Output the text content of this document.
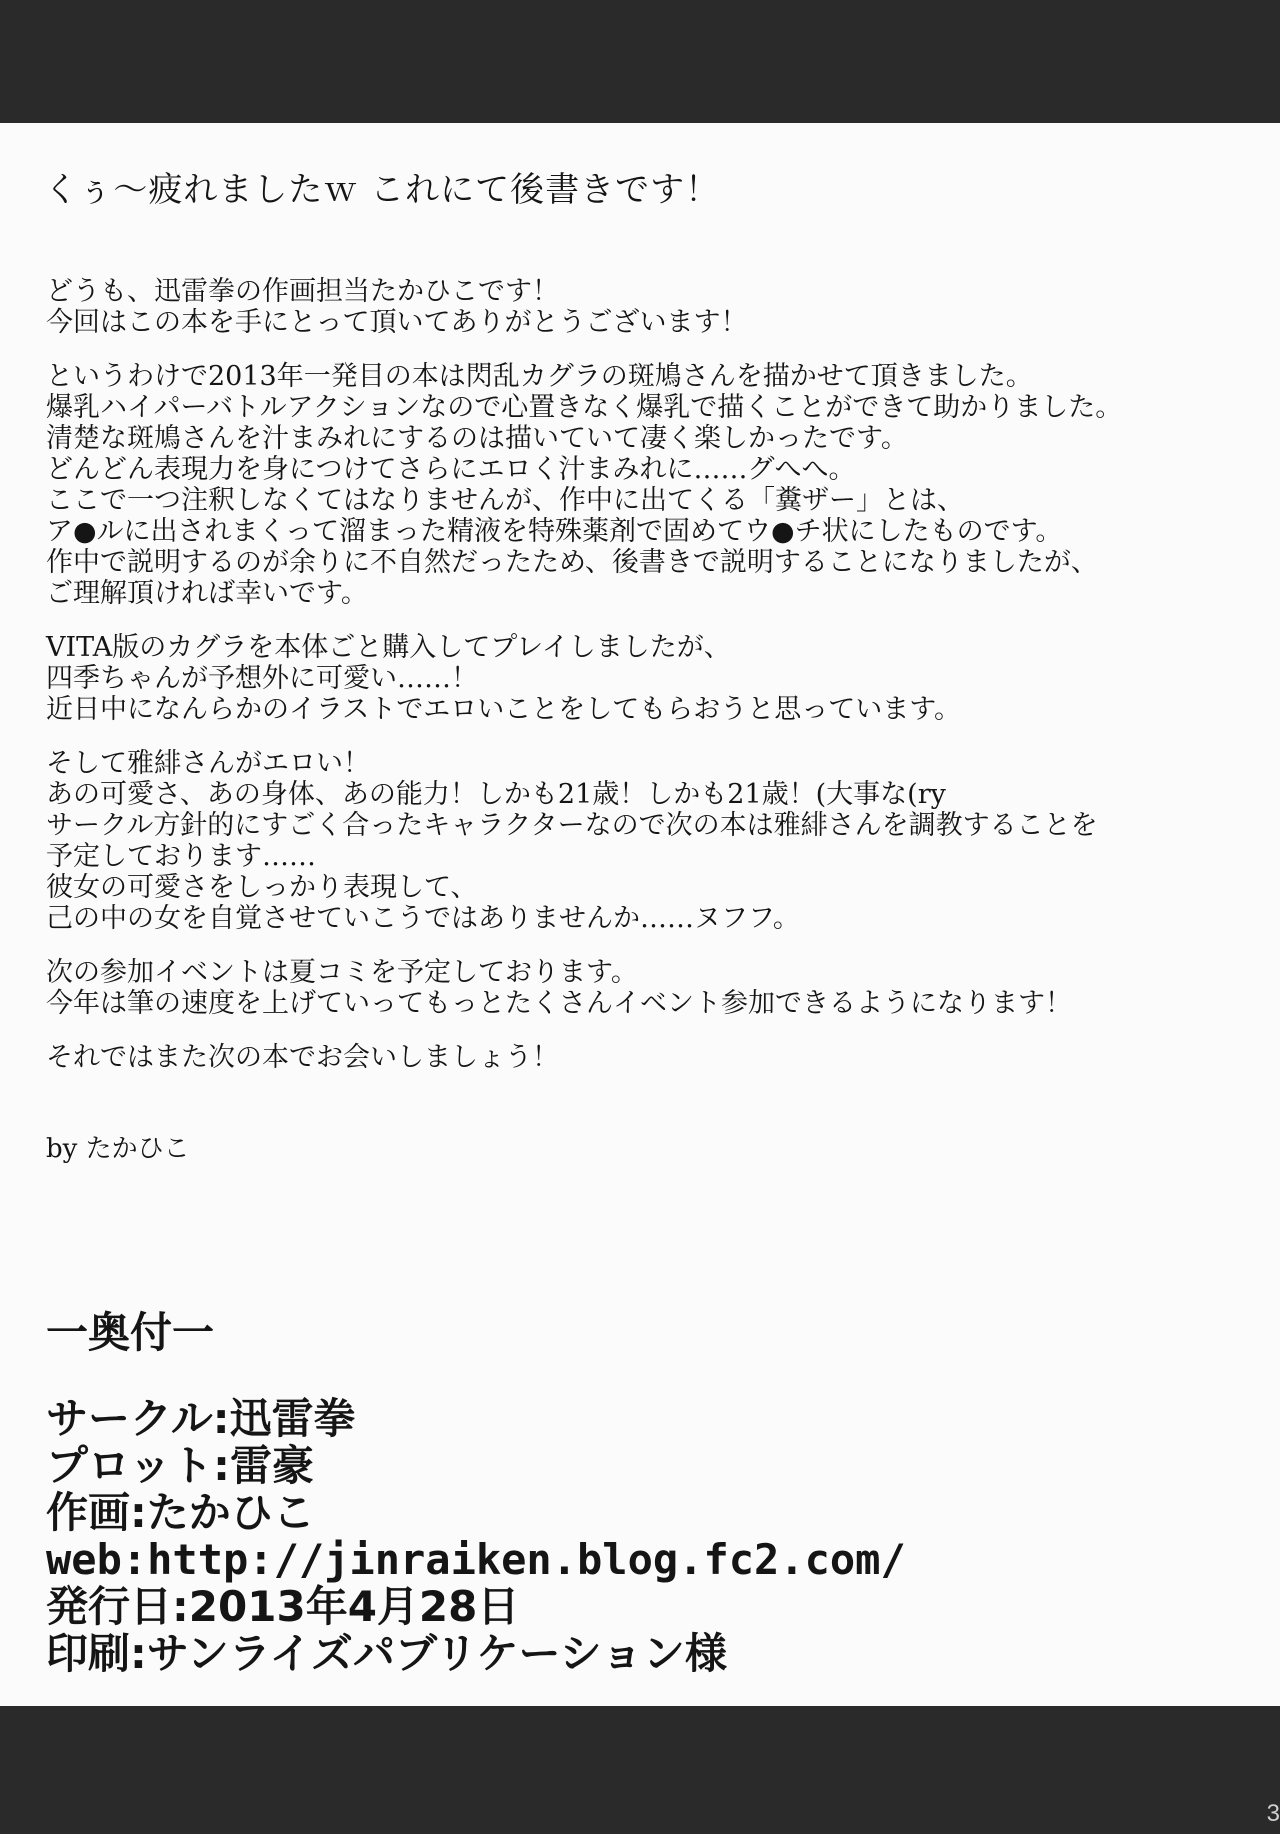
くぅ～疲れましたｗ これにて後書きです！
どうも、迅雷拳の作画担当たかひこです！
今回はこの本を手にとって頂いてありがとうございます！
というわけで2013年一発目の本は閃乱カグラの斑鳩さんを描かせて頂きました。
爆乳ハイパーバトルアクションなので心置きなく爆乳で描くことができて助かりました。
清楚な斑鳩さんを汁まみれにするのは描いていて凄く楽しかったです。
どんどん表現力を身につけてさらにエロく汁まみれに……グへへ。
ここで一つ注釈しなくてはなりませんが、作中に出てくる「糞ザー」とは、
ア●ルに出されまくって溜まった精液を特殊薬剤で固めてウ●チ状にしたものです。
作中で説明するのが余りに不自然だったため、後書きで説明することになりましたが、
ご理解頂ければ幸いです。
VITA版のカグラを本体ごと購入してプレイしましたが、
四季ちゃんが予想外に可愛い……！
近日中になんらかのイラストでエロいことをしてもらおうと思っています。
そして雅緋さんがエロい！
あの可愛さ、あの身体、あの能力！しかも21歳！しかも21歳！(大事な(ry
サークル方針的にすごく合ったキャラクターなので次の本は雅緋さんを調教することを
予定しております……
彼女の可愛さをしっかり表現して、
己の中の女を自覚させていこうではありませんか……ヌフフ。
次の参加イベントは夏コミを予定しております。
今年は筆の速度を上げていってもっとたくさんイベント参加できるようになります！
それではまた次の本でお会いしましょう！
by たかひこ
一奥付一
サークル:迅雷拳
プロット:雷豪
作画:たかひこ
web:http://jinraiken.blog.fc2.com/
発行日:2013年4月28日
印刷:サンライズパブリケーション様
3
